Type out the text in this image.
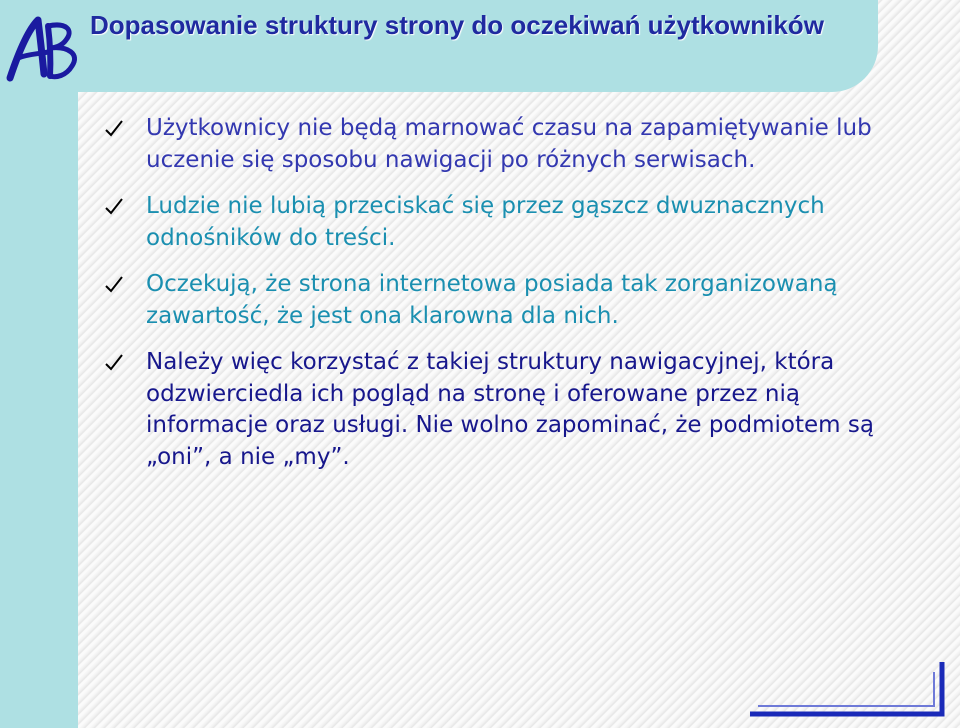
Dopasowanie struktury strony do oczekiwań użytkowników
Użytkownicy nie będą marnować czasu na zapamiętywanie lub uczenie się sposobu nawigacji po różnych serwisach.
Ludzie nie lubią przeciskać się przez gąszcz dwuznacznych odnośników do treści.
Oczekują, że strona internetowa posiada tak zorganizowaną zawartość, że jest ona klarowna dla nich.
Należy więc korzystać z takiej struktury nawigacyjnej, która odzwierciedla ich pogląd na stronę i oferowane przez nią informacje oraz usługi. Nie wolno zapominać, że podmiotem są „oni”, a nie „my”.
